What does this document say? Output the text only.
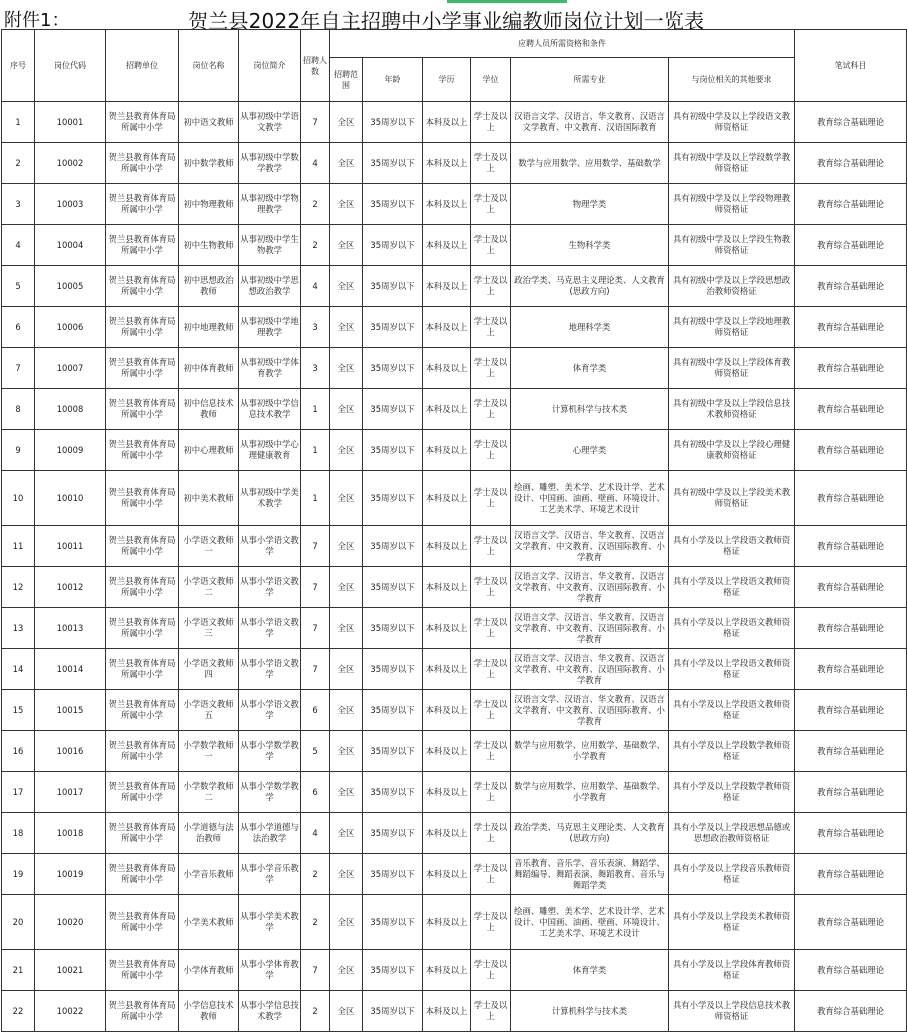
附件1：	贺兰县2022年自主招聘中小学事业编教师岗位计划一览表
序号	岗位代码	招聘单位	岗位名称	岗位简介	招聘人数	应聘人员所需资格和条件						笔试科目
						招聘范围	年龄	学历	学位	所需专业	与岗位相关的其他要求	
1	10001	贺兰县教育体育局所属中小学	初中语文教师	从事初级中学语文教学	7	全区	35周岁以下	本科及以上	学士及以上	汉语言文学、汉语言、华文教育、汉语言文学教育、中文教育、汉语国际教育	具有初级中学及以上学段语文教师资格证	教育综合基础理论
2	10002	贺兰县教育体育局所属中小学	初中数学教师	从事初级中学数学教学	4	全区	35周岁以下	本科及以上	学士及以上	数学与应用数学、应用数学、基础数学	具有初级中学及以上学段数学教师资格证	教育综合基础理论
3	10003	贺兰县教育体育局所属中小学	初中物理教师	从事初级中学物理教学	2	全区	35周岁以下	本科及以上	学士及以上	物理学类	具有初级中学及以上学段物理教师资格证	教育综合基础理论
4	10004	贺兰县教育体育局所属中小学	初中生物教师	从事初级中学生物教学	2	全区	35周岁以下	本科及以上	学士及以上	生物科学类	具有初级中学及以上学段生物教师资格证	教育综合基础理论
5	10005	贺兰县教育体育局所属中小学	初中思想政治教师	从事初级中学思想政治教学	4	全区	35周岁以下	本科及以上	学士及以上	政治学类、马克思主义理论类、人文教育(思政方向)	具有初级中学及以上学段思想政治教师资格证	教育综合基础理论
6	10006	贺兰县教育体育局所属中小学	初中地理教师	从事初级中学地理教学	3	全区	35周岁以下	本科及以上	学士及以上	地理科学类	具有初级中学及以上学段地理教师资格证	教育综合基础理论
7	10007	贺兰县教育体育局所属中小学	初中体育教师	从事初级中学体育教学	3	全区	35周岁以下	本科及以上	学士及以上	体育学类	具有初级中学及以上学段体育教师资格证	教育综合基础理论
8	10008	贺兰县教育体育局所属中小学	初中信息技术教师	从事初级中学信息技术教学	1	全区	35周岁以下	本科及以上	学士及以上	计算机科学与技术类	具有初级中学及以上学段信息技术教师资格证	教育综合基础理论
9	10009	贺兰县教育体育局所属中小学	初中心理教师	从事初级中学心理健康教育	1	全区	35周岁以下	本科及以上	学士及以上	心理学类	具有初级中学及以上学段心理健康教师资格证	教育综合基础理论
10	10010	贺兰县教育体育局所属中小学	初中美术教师	从事初级中学美术教学	1	全区	35周岁以下	本科及以上	学士及以上	绘画、雕塑、美术学、艺术设计学、艺术设计、中国画、油画、壁画、环境设计、工艺美术学、环境艺术设计	具有初级中学及以上学段美术教师资格证	教育综合基础理论
11	10011	贺兰县教育体育局所属中小学	小学语文教师一	从事小学语文教学	7	全区	35周岁以下	本科及以上	学士及以上	汉语言文学、汉语言、华文教育、汉语言文学教育、中文教育、汉语国际教育、小学教育	具有小学及以上学段语文教师资格证	教育综合基础理论
12	10012	贺兰县教育体育局所属中小学	小学语文教师二	从事小学语文教学	7	全区	35周岁以下	本科及以上	学士及以上	汉语言文学、汉语言、华文教育、汉语言文学教育、中文教育、汉语国际教育、小学教育	具有小学及以上学段语文教师资格证	教育综合基础理论
13	10013	贺兰县教育体育局所属中小学	小学语文教师三	从事小学语文教学	7	全区	35周岁以下	本科及以上	学士及以上	汉语言文学、汉语言、华文教育、汉语言文学教育、中文教育、汉语国际教育、小学教育	具有小学及以上学段语文教师资格证	教育综合基础理论
14	10014	贺兰县教育体育局所属中小学	小学语文教师四	从事小学语文教学	7	全区	35周岁以下	本科及以上	学士及以上	汉语言文学、汉语言、华文教育、汉语言文学教育、中文教育、汉语国际教育、小学教育	具有小学及以上学段语文教师资格证	教育综合基础理论
15	10015	贺兰县教育体育局所属中小学	小学语文教师五	从事小学语文教学	6	全区	35周岁以下	本科及以上	学士及以上	汉语言文学、汉语言、华文教育、汉语言文学教育、中文教育、汉语国际教育、小学教育	具有小学及以上学段语文教师资格证	教育综合基础理论
16	10016	贺兰县教育体育局所属中小学	小学数学教师一	从事小学数学教学	5	全区	35周岁以下	本科及以上	学士及以上	数学与应用数学、应用数学、基础数学、小学教育	具有小学及以上学段数学教师资格证	教育综合基础理论
17	10017	贺兰县教育体育局所属中小学	小学数学教师二	从事小学数学教学	6	全区	35周岁以下	本科及以上	学士及以上	数学与应用数学、应用数学、基础数学、小学教育	具有小学及以上学段数学教师资格证	教育综合基础理论
18	10018	贺兰县教育体育局所属中小学	小学道德与法治教师	从事小学道德与法治教学	4	全区	35周岁以下	本科及以上	学士及以上	政治学类、马克思主义理论类、人文教育(思政方向)	具有小学及以上学段思想品德或思想政治教师资格证	教育综合基础理论
19	10019	贺兰县教育体育局所属中小学	小学音乐教师	从事小学音乐教学	2	全区	35周岁以下	本科及以上	学士及以上	音乐教育、音乐学、音乐表演、舞蹈学、舞蹈编导、舞蹈表演、舞蹈教育、音乐与舞蹈学类	具有小学及以上学段音乐教师资格证	教育综合基础理论
20	10020	贺兰县教育体育局所属中小学	小学美术教师	从事小学美术教学	2	全区	35周岁以下	本科及以上	学士及以上	绘画、雕塑、美术学、艺术设计学、艺术设计、中国画、油画、壁画、环境设计、工艺美术学、环境艺术设计	具有小学及以上学段美术教师资格证	教育综合基础理论
21	10021	贺兰县教育体育局所属中小学	小学体育教师	从事小学体育教学	7	全区	35周岁以下	本科及以上	学士及以上	体育学类	具有小学及以上学段体育教师资格证	教育综合基础理论
22	10022	贺兰县教育体育局所属中小学	小学信息技术教师	从事小学信息技术教学	2	全区	35周岁以下	本科及以上	学士及以上	计算机科学与技术类	具有小学及以上学段信息技术教师资格证	教育综合基础理论
